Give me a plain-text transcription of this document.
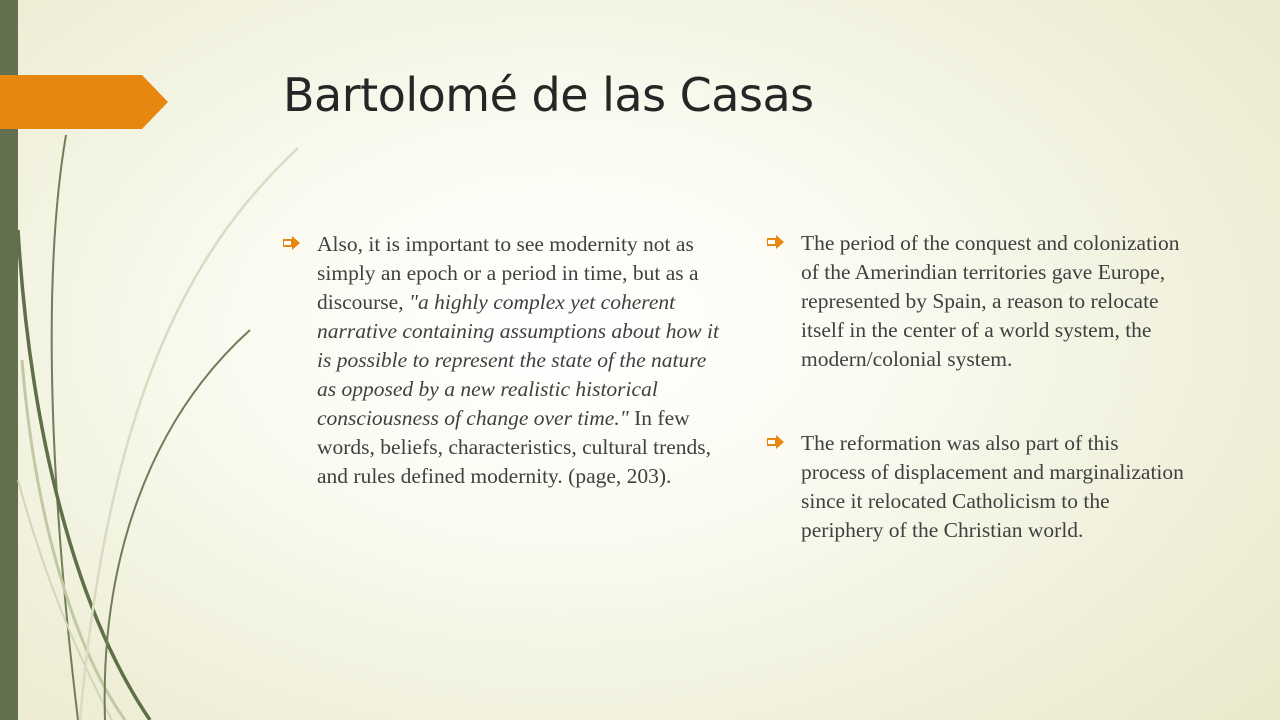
Bartolomé de las Casas
Also, it is important to see modernity not as simply an epoch or a period in time, but as a discourse, "a highly complex yet coherent narrative containing assumptions about how it is possible to represent the state of the nature as opposed by a new realistic historical consciousness of change over time." In few words, beliefs, characteristics, cultural trends, and rules defined modernity. (page, 203).
The period of the conquest and colonization of the Amerindian territories gave Europe, represented by Spain, a reason to relocate itself in the center of a world system, the modern/colonial system.
The reformation was also part of this process of displacement and marginalization since it relocated Catholicism to the periphery of the Christian world.
